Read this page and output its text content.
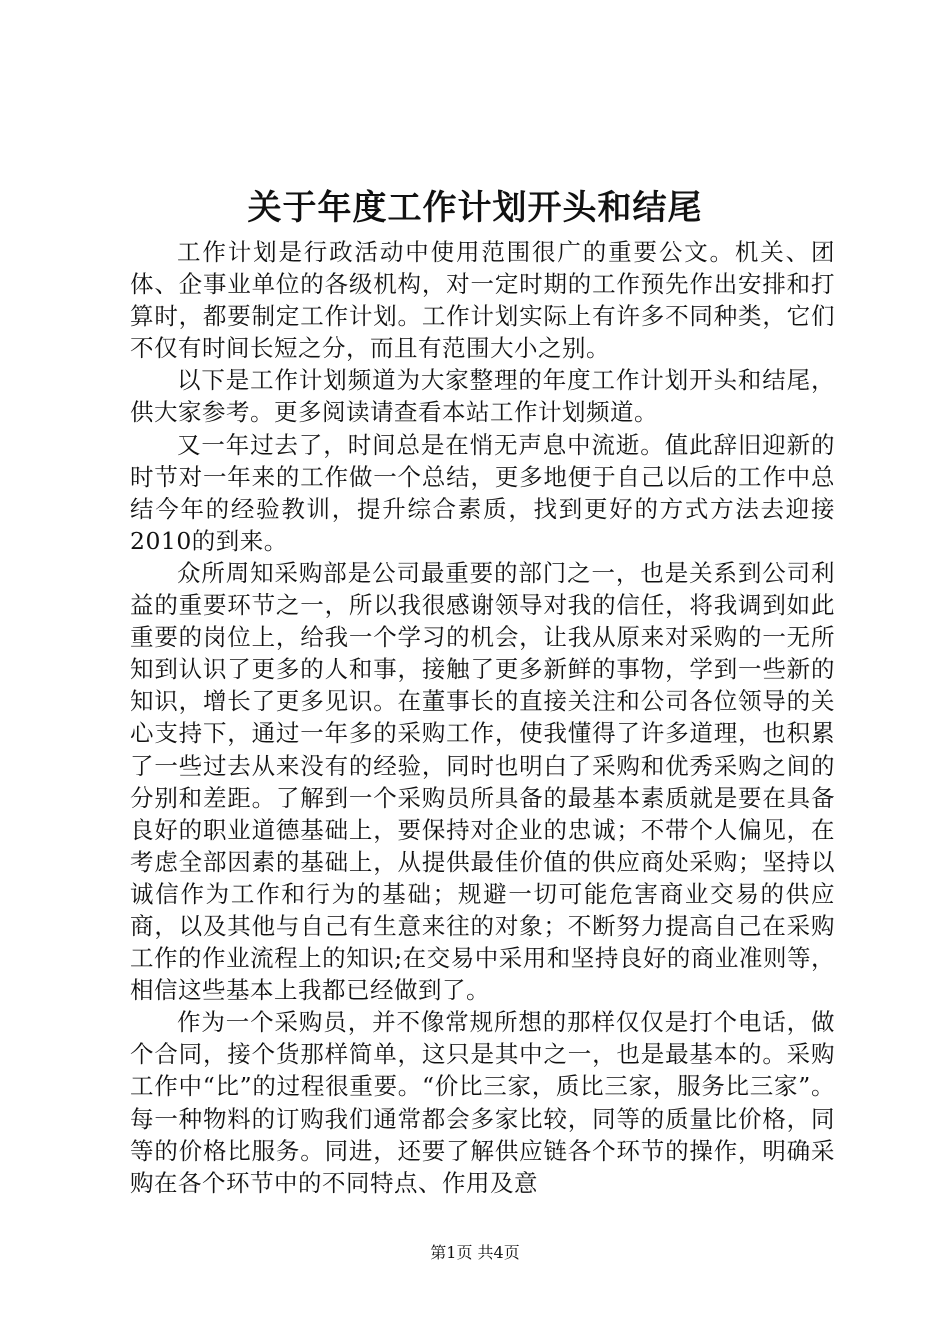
关于年度工作计划开头和结尾

工作计划是行政活动中使用范围很广的重要公文。机关、团体、企事业单位的各级机构，对一定时期的工作预先作出安排和打算时，都要制定工作计划。工作计划实际上有许多不同种类，它们不仅有时间长短之分，而且有范围大小之别。

以下是工作计划频道为大家整理的年度工作计划开头和结尾，供大家参考。更多阅读请查看本站工作计划频道。

又一年过去了，时间总是在悄无声息中流逝。值此辞旧迎新的时节对一年来的工作做一个总结，更多地便于自己以后的工作中总结今年的经验教训，提升综合素质，找到更好的方式方法去迎接2010的到来。

众所周知采购部是公司最重要的部门之一，也是关系到公司利益的重要环节之一，所以我很感谢领导对我的信任，将我调到如此重要的岗位上，给我一个学习的机会，让我从原来对采购的一无所知到认识了更多的人和事，接触了更多新鲜的事物，学到一些新的知识，增长了更多见识。在董事长的直接关注和公司各位领导的关心支持下，通过一年多的采购工作，使我懂得了许多道理，也积累了一些过去从来没有的经验，同时也明白了采购和优秀采购之间的分别和差距。了解到一个采购员所具备的最基本素质就是要在具备良好的职业道德基础上，要保持对企业的忠诚；不带个人偏见，在考虑全部因素的基础上，从提供最佳价值的供应商处采购；坚持以诚信作为工作和行为的基础；规避一切可能危害商业交易的供应商，以及其他与自己有生意来往的对象；不断努力提高自己在采购工作的作业流程上的知识;在交易中采用和坚持良好的商业准则等，相信这些基本上我都已经做到了。

作为一个采购员，并不像常规所想的那样仅仅是打个电话，做个合同，接个货那样简单，这只是其中之一，也是最基本的。采购工作中“比”的过程很重要。“价比三家，质比三家，服务比三家”。每一种物料的订购我们通常都会多家比较，同等的质量比价格，同等的价格比服务。同进，还要了解供应链各个环节的操作，明确采购在各个环节中的不同特点、作用及意

第1页 共4页
